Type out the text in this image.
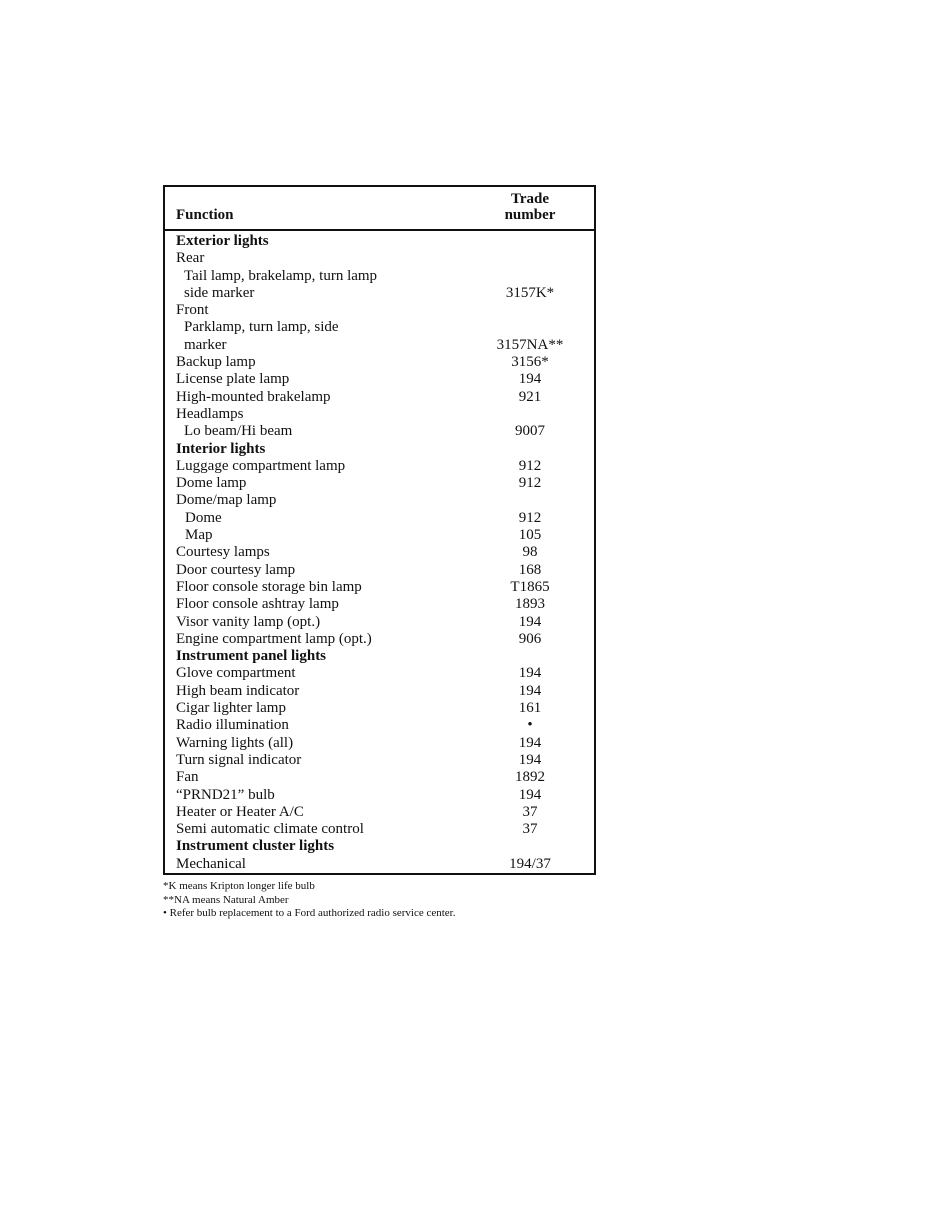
Function
Trade
number
Exterior lights
Rear
Tail lamp, brakelamp, turn lamp
side marker	3157K*
Front
Parklamp, turn lamp, side
marker	3157NA**
Backup lamp	3156*
License plate lamp	194
High-mounted brakelamp	921
Headlamps
Lo beam/Hi beam	9007
Interior lights
Luggage compartment lamp	912
Dome lamp	912
Dome/map lamp
Dome	912
Map	105
Courtesy lamps	98
Door courtesy lamp	168
Floor console storage bin lamp	T1865
Floor console ashtray lamp	1893
Visor vanity lamp (opt.)	194
Engine compartment lamp (opt.)	906
Instrument panel lights
Glove compartment	194
High beam indicator	194
Cigar lighter lamp	161
Radio illumination	•
Warning lights (all)	194
Turn signal indicator	194
Fan	1892
“PRND21” bulb	194
Heater or Heater A/C	37
Semi automatic climate control	37
Instrument cluster lights
Mechanical	194/37
*K means Kripton longer life bulb
**NA means Natural Amber
• Refer bulb replacement to a Ford authorized radio service center.
